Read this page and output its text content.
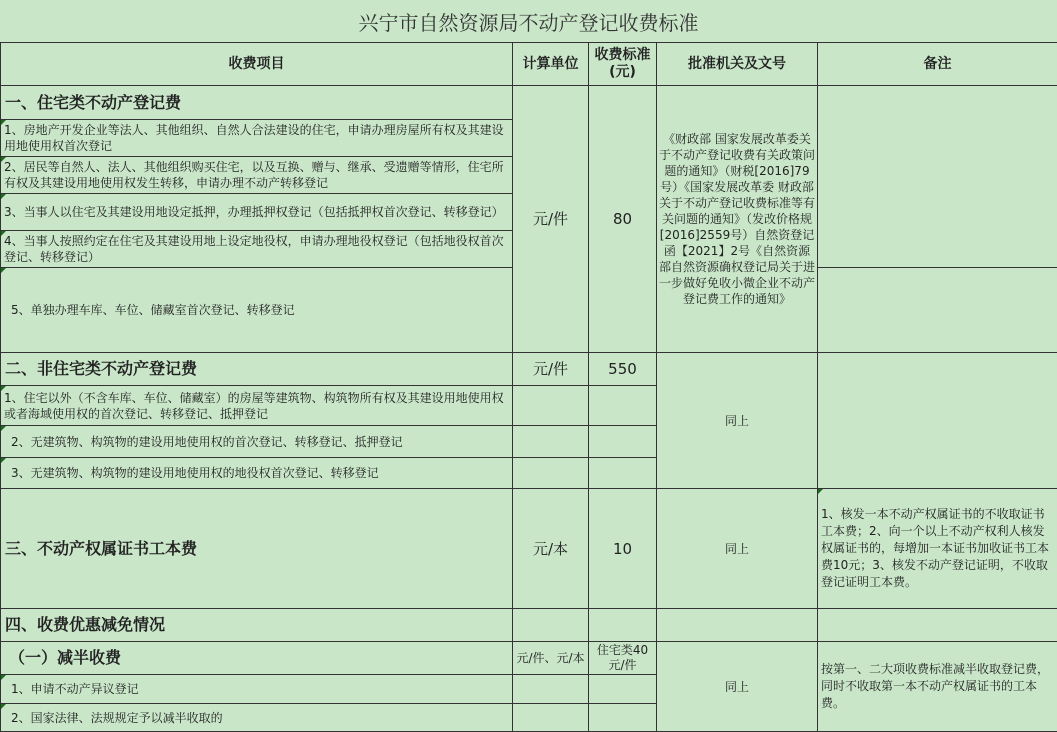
兴宁市自然资源局不动产登记收费标准
收费项目	计算单位	收费标准(元)	批准机关及文号	备注
一、住宅类不动产登记费	元/件	80	《财政部 国家发展改革委关于不动产登记收费有关政策问题的通知》（财税[2016]79号）《国家发展改革委 财政部关于不动产登记收费标准等有关问题的通知》（发改价格规[2016]2559号）自然资登记函【2021】2号《自然资源部自然资源确权登记局关于进一步做好免收小微企业不动产登记费工作的通知》	
1、房地产开发企业等法人、其他组织、自然人合法建设的住宅，申请办理房屋所有权及其建设用地使用权首次登记				
2、居民等自然人、法人、其他组织购买住宅，以及互换、赠与、继承、受遗赠等情形，住宅所有权及其建设用地使用权发生转移，申请办理不动产转移登记				
3、当事人以住宅及其建设用地设定抵押，办理抵押权登记（包括抵押权首次登记、转移登记）				
4、当事人按照约定在住宅及其建设用地上设定地役权，申请办理地役权登记（包括地役权首次登记、转移登记）				
5、单独办理车库、车位、储藏室首次登记、转移登记				
二、非住宅类不动产登记费	元/件	550	同上	
1、住宅以外（不含车库、车位、储藏室）的房屋等建筑物、构筑物所有权及其建设用地使用权或者海域使用权的首次登记、转移登记、抵押登记				
2、无建筑物、构筑物的建设用地使用权的首次登记、转移登记、抵押登记				
3、无建筑物、构筑物的建设用地使用权的地役权首次登记、转移登记				
三、不动产权属证书工本费	元/本	10	同上	1、核发一本不动产权属证书的不收取证书工本费；2、向一个以上不动产权利人核发权属证书的，每增加一本证书加收证书工本费10元；3、核发不动产登记证明，不收取登记证明工本费。
四、收费优惠减免情况				
（一）减半收费	元/件、元/本	住宅类40元/件	同上	按第一、二大项收费标准减半收取登记费，同时不收取第一本不动产权属证书的工本费。
1、申请不动产异议登记				
2、国家法律、法规规定予以减半收取的				
